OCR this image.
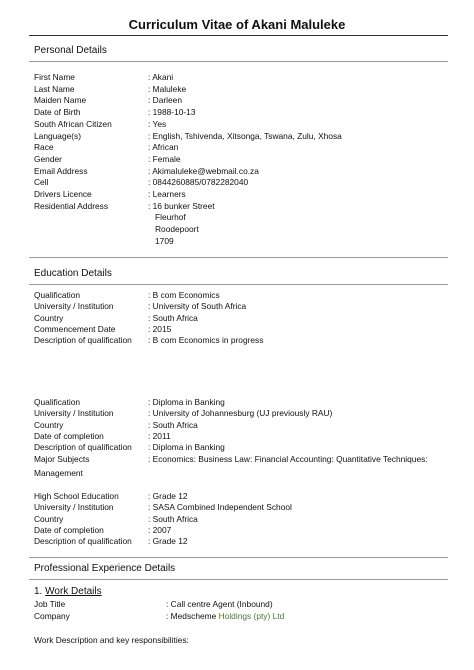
Curriculum Vitae of Akani Maluleke
Personal Details
First Name	: Akani
Last Name	: Maluleke
Maiden Name	: Darleen
Date of Birth	: 1988-10-13
South African Citizen	: Yes
Language(s)	: English, Tshivenda, Xitsonga, Tswana, Zulu, Xhosa
Race	: African
Gender	: Female
Email Address	: Akimaluleke@webmail.co.za
Cell	: 0844260885/0782282040
Drivers Licence	: Learners
Residential Address	: 16 bunker Street
Fleurhof
Roodepoort
1709
Education Details
Qualification	: B com Economics
University / Institution	: University of South Africa
Country	: South Africa
Commencement Date	: 2015
Description of qualification : B com Economics in progress
Qualification	: Diploma in Banking
University / Institution	: University of Johannesburg (UJ previously RAU)
Country	: South Africa
Date of completion	: 2011
Description of qualification : Diploma in Banking
Major Subjects	: Economics: Business Law: Financial Accounting: Quantitative Techniques:
Management
High School Education	: Grade 12
University / Institution	: SASA Combined Independent School
Country	: South Africa
Date of completion	: 2007
Description of qualification : Grade 12
Professional Experience Details
1. Work Details
Job Title	: Call centre Agent (Inbound)
Company	: Medscheme Holdings (pty) Ltd
Work Description and key responsibilities:
